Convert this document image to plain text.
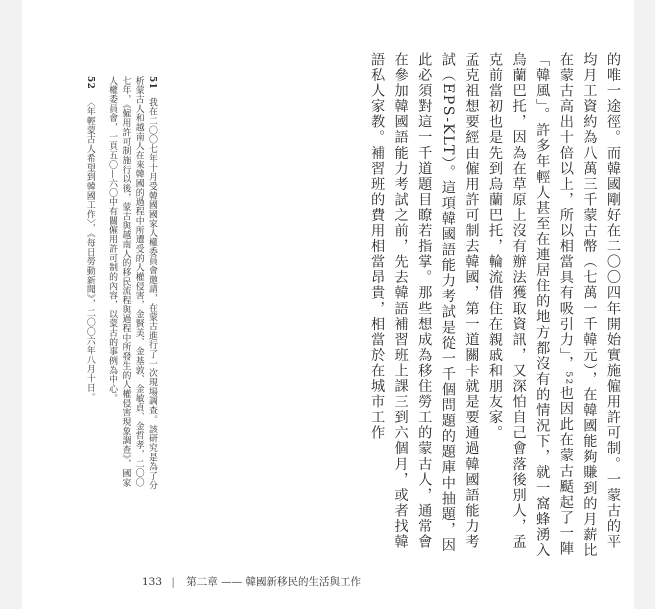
的唯一途徑。而韓國剛好在二〇〇四年開始實施僱用許可制。一蒙古的平均月工資約為八萬三千蒙古幣（七萬一千韓元），在韓國能夠賺到的月薪比在蒙古高出十倍以上，所以相當具有吸引力」，⁵²也因此在蒙古颳起了一陣「韓風」。許多年輕人甚至在連居住的地方都沒有的情況下，就一窩蜂湧入烏蘭巴托，因為在草原上沒有辦法獲取資訊，又深怕自己會落後別人，孟克前當初也是先到烏蘭巴托，輪流借住在親戚和朋友家。

孟克祖想要經由僱用許可制去韓國，第一道關卡就是要通過韓國語能力考試（EPS-KLT）。這項韓國語能力考試是從一千個問題的題庫中抽題，因此必須對這一千道題目瞭若指掌。那些想成為移住勞工的蒙古人，通常會在參加韓國語能力考試之前，先去韓語補習班上課三到六個月，或者找韓語私人家教。補習班的費用相當昂貴，相當於在城市工作

51 我在二〇〇七年十月受韓國國家人權委員會邀請，在蒙古進行了一次現場調查。該研究是為了分析蒙古人和越南人在來韓國的過程中所遭受的人權侵害，金賢美、金基敦、金敏貞、金哲孝，二〇〇七年，《僱用許可制施行以後，蒙古與越南人的移民流程與過程中所發生的人權侵害現象調查》，國家人權委員會，一頁五〇—六〇中有關僱用許可制的內容，以蒙古的事例為中心。
52 〈年輕蒙古人希望到韓國工作〉，《每日勞動新聞》，二〇〇六年八月十日。
133 | 第二章 —— 韓國新移民的生活與工作
